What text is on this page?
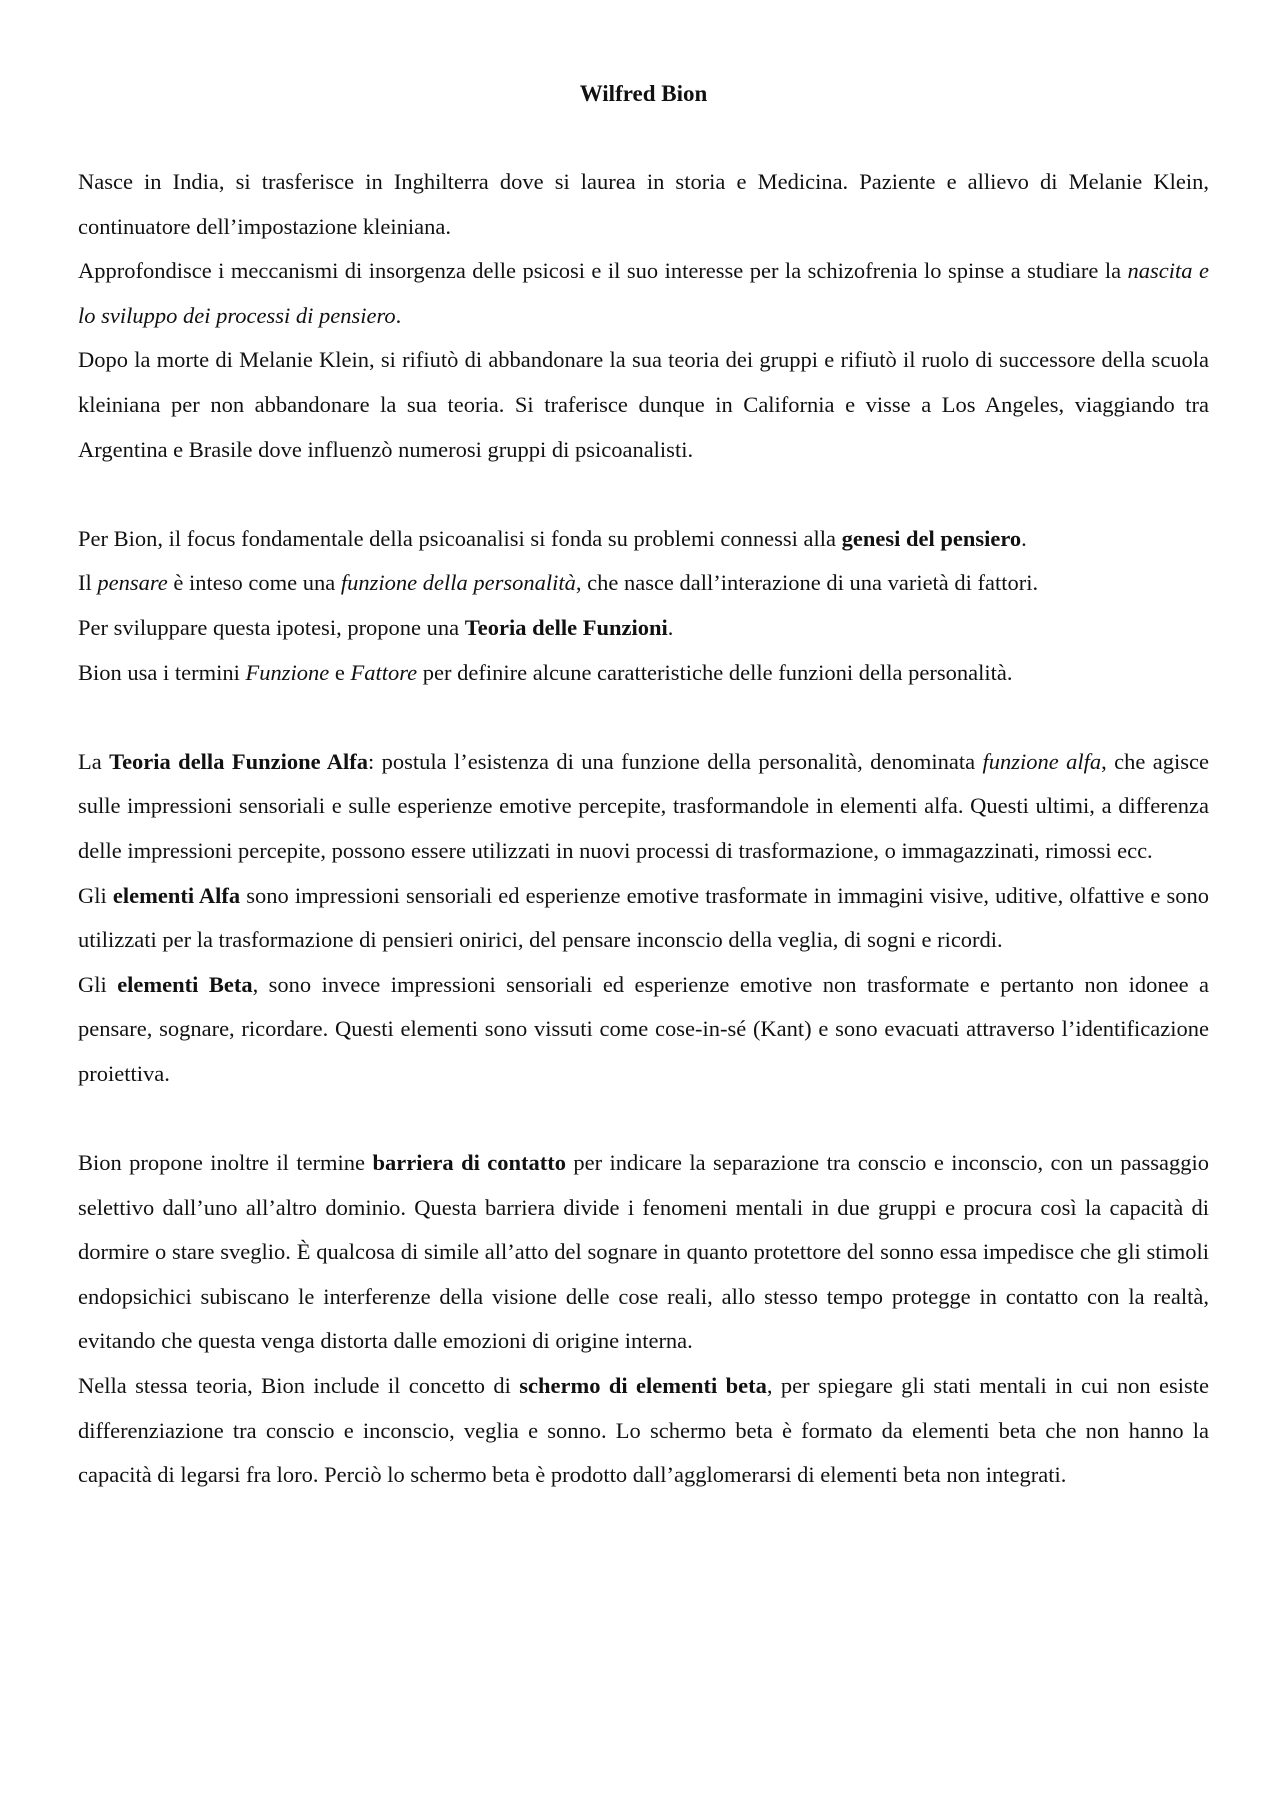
Wilfred Bion

Nasce in India, si trasferisce in Inghilterra dove si laurea in storia e Medicina. Paziente e allievo di Melanie Klein, continuatore dell’impostazione kleiniana.

Approfondisce i meccanismi di insorgenza delle psicosi e il suo interesse per la schizofrenia lo spinse a studiare la nascita e lo sviluppo dei processi di pensiero.

Dopo la morte di Melanie Klein, si rifiutò di abbandonare la sua teoria dei gruppi e rifiutò il ruolo di successore della scuola kleiniana per non abbandonare la sua teoria. Si traferisce dunque in California e visse a Los Angeles, viaggiando tra Argentina e Brasile dove influenzò numerosi gruppi di psicoanalisti.

Per Bion, il focus fondamentale della psicoanalisi si fonda su problemi connessi alla genesi del pensiero.

Il pensare è inteso come una funzione della personalità, che nasce dall’interazione di una varietà di fattori.

Per sviluppare questa ipotesi, propone una Teoria delle Funzioni.

Bion usa i termini Funzione e Fattore per definire alcune caratteristiche delle funzioni della personalità.

La Teoria della Funzione Alfa: postula l’esistenza di una funzione della personalità, denominata funzione alfa, che agisce sulle impressioni sensoriali e sulle esperienze emotive percepite, trasformandole in elementi alfa. Questi ultimi, a differenza delle impressioni percepite, possono essere utilizzati in nuovi processi di trasformazione, o immagazzinati, rimossi ecc.

Gli elementi Alfa sono impressioni sensoriali ed esperienze emotive trasformate in immagini visive, uditive, olfattive e sono utilizzati per la trasformazione di pensieri onirici, del pensare inconscio della veglia, di sogni e ricordi.

Gli elementi Beta, sono invece impressioni sensoriali ed esperienze emotive non trasformate e pertanto non idonee a pensare, sognare, ricordare. Questi elementi sono vissuti come cose-in-sé (Kant) e sono evacuati attraverso l’identificazione proiettiva.

Bion propone inoltre il termine barriera di contatto per indicare la separazione tra conscio e inconscio, con un passaggio selettivo dall’uno all’altro dominio. Questa barriera divide i fenomeni mentali in due gruppi e procura così la capacità di dormire o stare sveglio. È qualcosa di simile all’atto del sognare in quanto protettore del sonno essa impedisce che gli stimoli endopsichici subiscano le interferenze della visione delle cose reali, allo stesso tempo protegge in contatto con la realtà, evitando che questa venga distorta dalle emozioni di origine interna.

Nella stessa teoria, Bion include il concetto di schermo di elementi beta, per spiegare gli stati mentali in cui non esiste differenziazione tra conscio e inconscio, veglia e sonno. Lo schermo beta è formato da elementi beta che non hanno la capacità di legarsi fra loro. Perciò lo schermo beta è prodotto dall’agglomerarsi di elementi beta non integrati.
